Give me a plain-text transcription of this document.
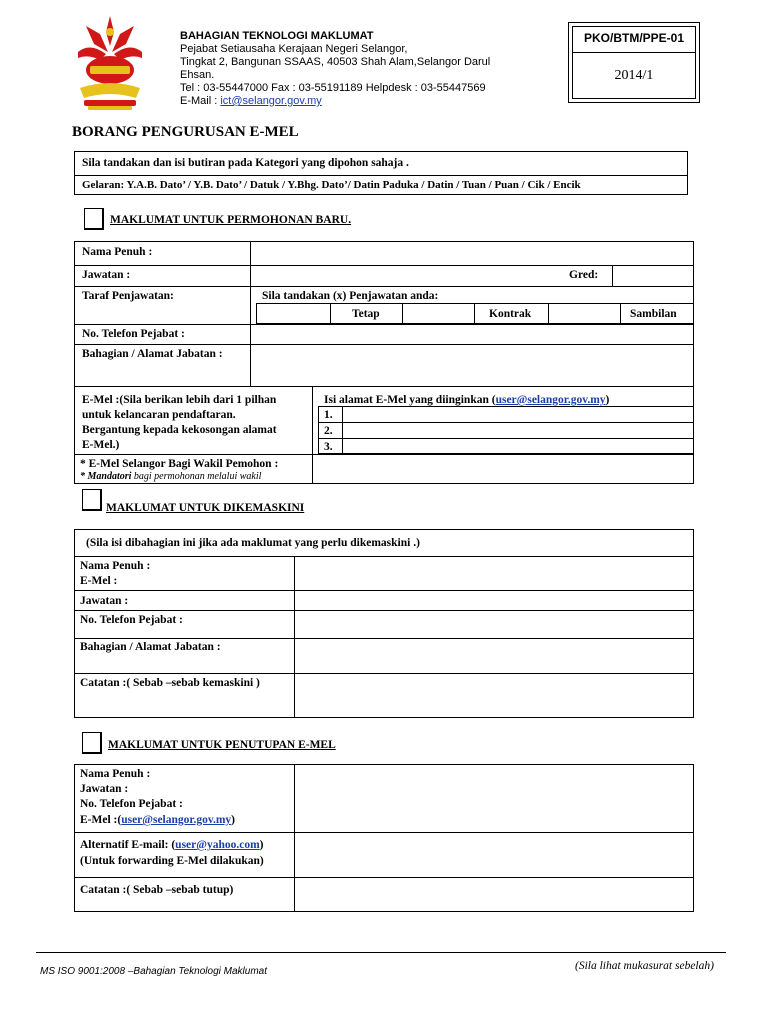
BAHAGIAN TEKNOLOGI MAKLUMAT
Pejabat Setiausaha Kerajaan Negeri Selangor,
Tingkat 2, Bangunan SSAAS, 40503 Shah Alam,Selangor Darul
Ehsan.
Tel : 03-55447000 Fax : 03-55191189 Helpdesk : 03-55447569
E-Mail : ict@selangor.gov.my
PKO/BTM/PPE-01
2014/1
BORANG PENGURUSAN E-MEL
Sila tandakan dan isi butiran pada Kategori yang dipohon sahaja .
Gelaran: Y.A.B. Dato’ / Y.B. Dato’ / Datuk / Y.Bhg. Dato’/ Datin Paduka / Datin / Tuan / Puan / Cik / Encik
MAKLUMAT UNTUK PERMOHONAN BARU.
Nama Penuh :
Jawatan :	Gred:
Taraf Penjawatan:	Sila tandakan (x) Penjawatan anda:
Tetap	Kontrak	Sambilan
No. Telefon Pejabat :
Bahagian / Alamat Jabatan :
E-Mel :(Sila berikan lebih dari 1 pilhan
untuk kelancaran pendaftaran.
Bergantung kepada kekosongan alamat
E-Mel.)
Isi alamat E-Mel yang diinginkan (user@selangor.gov.my)
1.
2.
3.
* E-Mel Selangor Bagi Wakil Pemohon :
* Mandatori bagi permohonan melalui wakil
MAKLUMAT UNTUK DIKEMASKINI
(Sila isi dibahagian ini jika ada maklumat yang perlu dikemaskini .)
Nama Penuh :
E-Mel :
Jawatan :
No. Telefon Pejabat :
Bahagian / Alamat Jabatan :
Catatan :( Sebab –sebab kemaskini )
MAKLUMAT UNTUK PENUTUPAN E-MEL
Nama Penuh :
Jawatan :
No. Telefon Pejabat :
E-Mel :(user@selangor.gov.my)
Alternatif E-mail: (user@yahoo.com)
(Untuk forwarding E-Mel dilakukan)
Catatan :( Sebab –sebab tutup)
MS ISO 9001:2008 –Bahagian Teknologi Maklumat	(Sila lihat mukasurat sebelah)
